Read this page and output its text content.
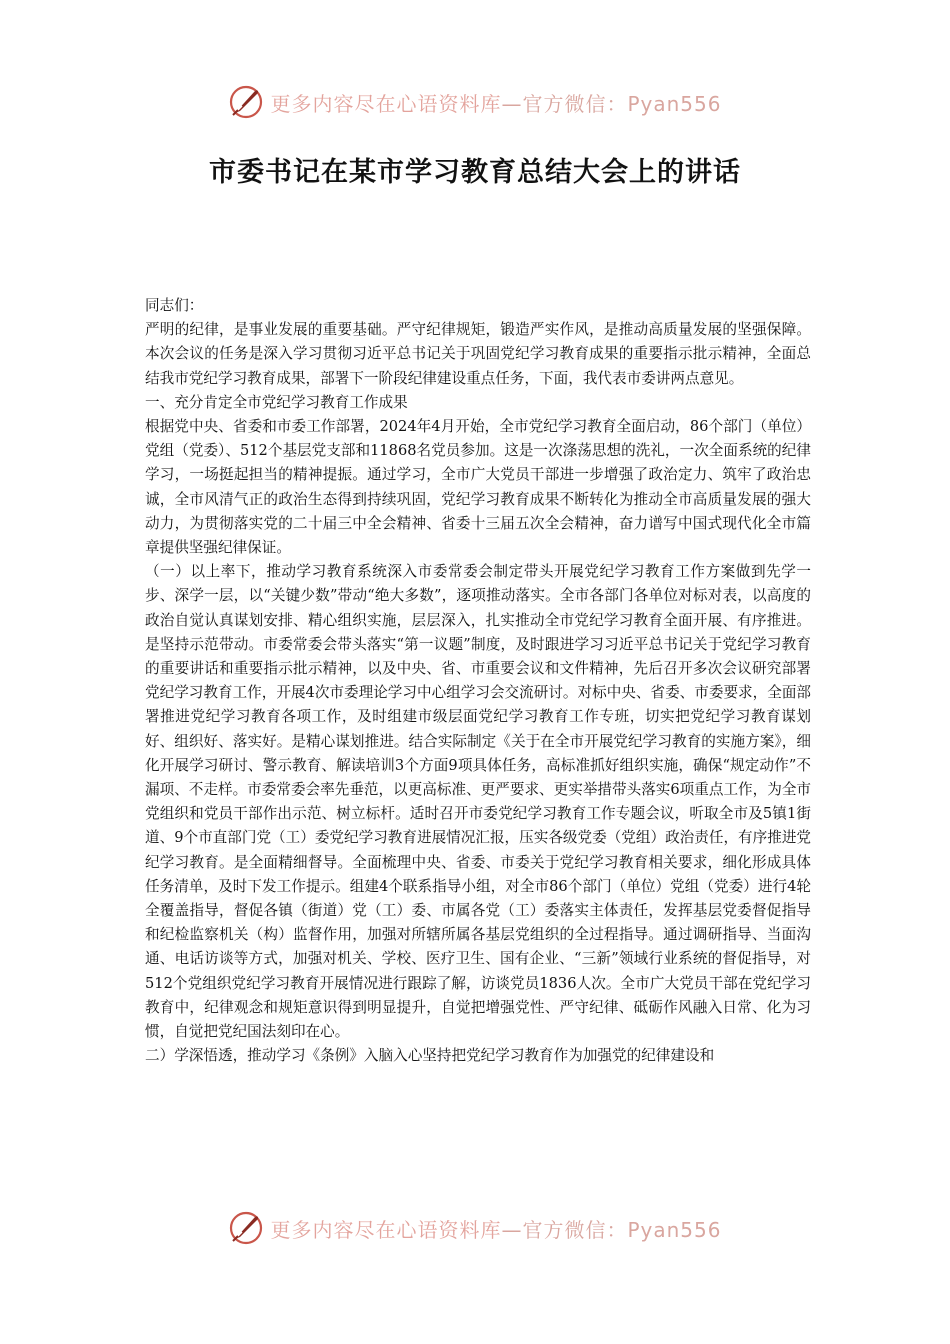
更多内容尽在心语资料库—官方微信：Pyan556
市委书记在某市学习教育总结大会上的讲话

同志们：

严明的纪律，是事业发展的重要基础。严守纪律规矩，锻造严实作风，是推动高质量发展的坚强保障。本次会议的任务是深入学习贯彻习近平总书记关于巩固党纪学习教育成果的重要指示批示精神，全面总结我市党纪学习教育成果，部署下一阶段纪律建设重点任务，下面，我代表市委讲两点意见。

一、充分肯定全市党纪学习教育工作成果

根据党中央、省委和市委工作部署，2024年4月开始，全市党纪学习教育全面启动，86个部门（单位）党组（党委）、512个基层党支部和11868名党员参加。这是一次涤荡思想的洗礼，一次全面系统的纪律学习，一场挺起担当的精神提振。通过学习，全市广大党员干部进一步增强了政治定力、筑牢了政治忠诚，全市风清气正的政治生态得到持续巩固，党纪学习教育成果不断转化为推动全市高质量发展的强大动力，为贯彻落实党的二十届三中全会精神、省委十三届五次全会精神，奋力谱写中国式现代化全市篇章提供坚强纪律保证。

（一）以上率下，推动学习教育系统深入市委常委会制定带头开展党纪学习教育工作方案做到先学一步、深学一层，以“关键少数”带动“绝大多数”，逐项推动落实。全市各部门各单位对标对表，以高度的政治自觉认真谋划安排、精心组织实施，层层深入，扎实推动全市党纪学习教育全面开展、有序推进。是坚持示范带动。市委常委会带头落实“第一议题”制度，及时跟进学习习近平总书记关于党纪学习教育的重要讲话和重要指示批示精神，以及中央、省、市重要会议和文件精神，先后召开多次会议研究部署党纪学习教育工作，开展4次市委理论学习中心组学习会交流研讨。对标中央、省委、市委要求，全面部署推进党纪学习教育各项工作，及时组建市级层面党纪学习教育工作专班，切实把党纪学习教育谋划好、组织好、落实好。是精心谋划推进。结合实际制定《关于在全市开展党纪学习教育的实施方案》，细化开展学习研讨、警示教育、解读培训3个方面9项具体任务，高标准抓好组织实施，确保“规定动作”不漏项、不走样。市委常委会率先垂范，以更高标准、更严要求、更实举措带头落实6项重点工作，为全市党组织和党员干部作出示范、树立标杆。适时召开市委党纪学习教育工作专题会议，听取全市及5镇1街道、9个市直部门党（工）委党纪学习教育进展情况汇报，压实各级党委（党组）政治责任，有序推进党纪学习教育。是全面精细督导。全面梳理中央、省委、市委关于党纪学习教育相关要求，细化形成具体任务清单，及时下发工作提示。组建4个联系指导小组，对全市86个部门（单位）党组（党委）进行4轮全覆盖指导，督促各镇（街道）党（工）委、市属各党（工）委落实主体责任，发挥基层党委督促指导和纪检监察机关（构）监督作用，加强对所辖所属各基层党组织的全过程指导。通过调研指导、当面沟通、电话访谈等方式，加强对机关、学校、医疗卫生、国有企业、“三新”领域行业系统的督促指导，对512个党组织党纪学习教育开展情况进行跟踪了解，访谈党员1836人次。全市广大党员干部在党纪学习教育中，纪律观念和规矩意识得到明显提升，自觉把增强党性、严守纪律、砥砺作风融入日常、化为习惯，自觉把党纪国法刻印在心。

二）学深悟透，推动学习《条例》入脑入心坚持把党纪学习教育作为加强党的纪律建设和

更多内容尽在心语资料库—官方微信：Pyan556
